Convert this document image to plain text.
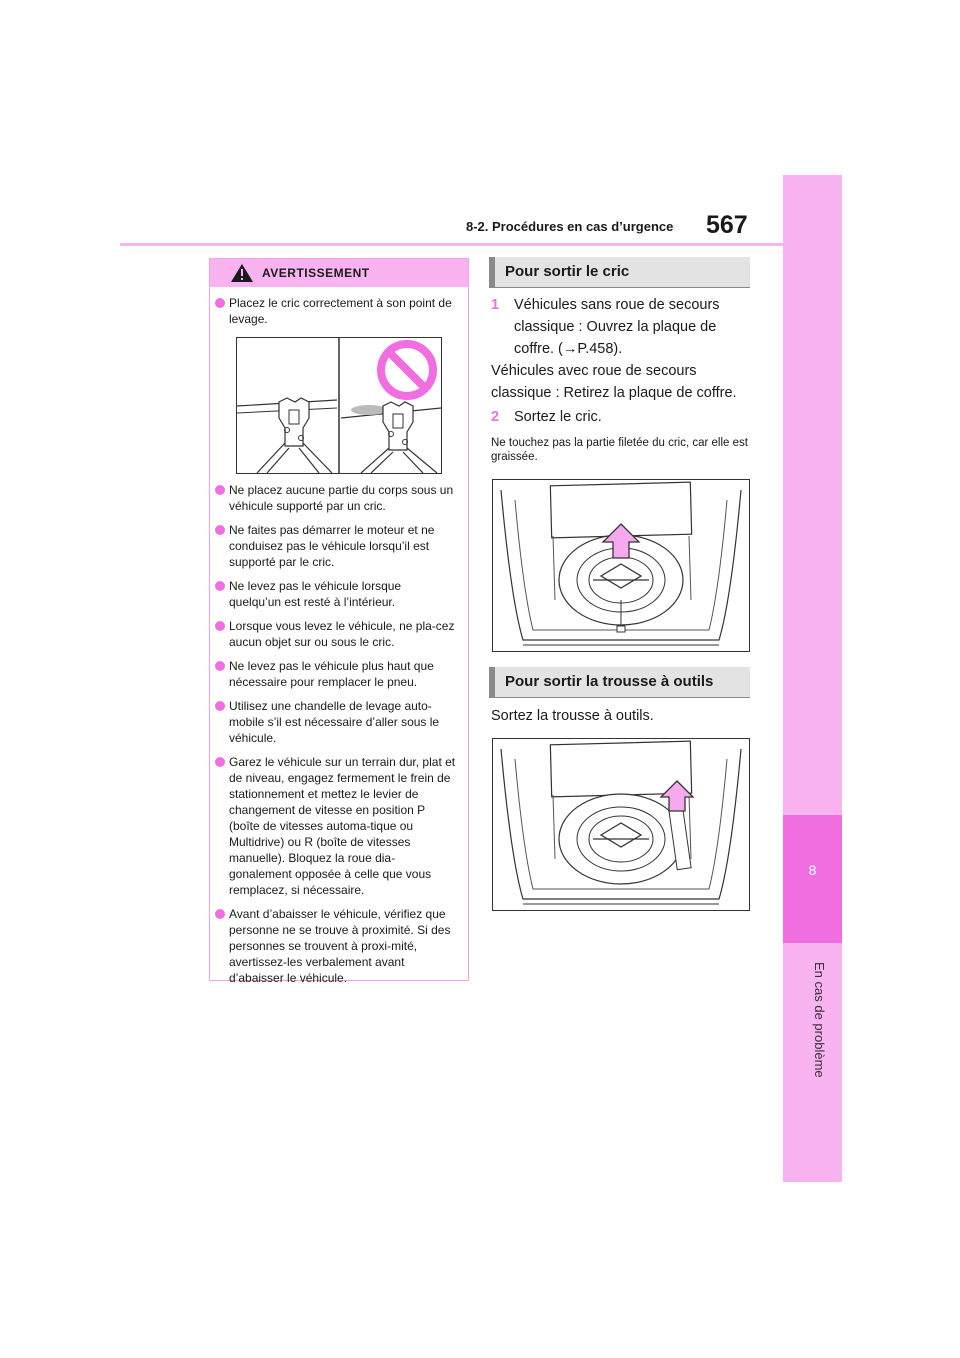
8-2. Procédures en cas d’urgence 567
8
En cas de problème
AVERTISSEMENT
Placez le cric correctement à son point de levage.
Ne placez aucune partie du corps sous un véhicule supporté par un cric.
Ne faites pas démarrer le moteur et ne conduisez pas le véhicule lorsqu’il est supporté par le cric.
Ne levez pas le véhicule lorsque quelqu’un est resté à l’intérieur.
Lorsque vous levez le véhicule, ne pla-cez aucun objet sur ou sous le cric.
Ne levez pas le véhicule plus haut que nécessaire pour remplacer le pneu.
Utilisez une chandelle de levage auto-mobile s’il est nécessaire d’aller sous le véhicule.
Garez le véhicule sur un terrain dur, plat et de niveau, engagez fermement le frein de stationnement et mettez le levier de changement de vitesse en position P (boîte de vitesses automa-tique ou Multidrive) ou R (boîte de vitesses manuelle). Bloquez la roue dia-gonalement opposée à celle que vous remplacez, si nécessaire.
Avant d’abaisser le véhicule, vérifiez que personne ne se trouve à proximité. Si des personnes se trouvent à proxi-mité, avertissez-les verbalement avant d’abaisser le véhicule.
Pour sortir le cric
1	Véhicules sans roue de secours classique : Ouvrez la plaque de coffre. (→P.458).
Véhicules avec roue de secours classique : Retirez la plaque de coffre.
2	Sortez le cric.
Ne touchez pas la partie filetée du cric, car elle est graissée.
Pour sortir la trousse à outils
Sortez la trousse à outils.
